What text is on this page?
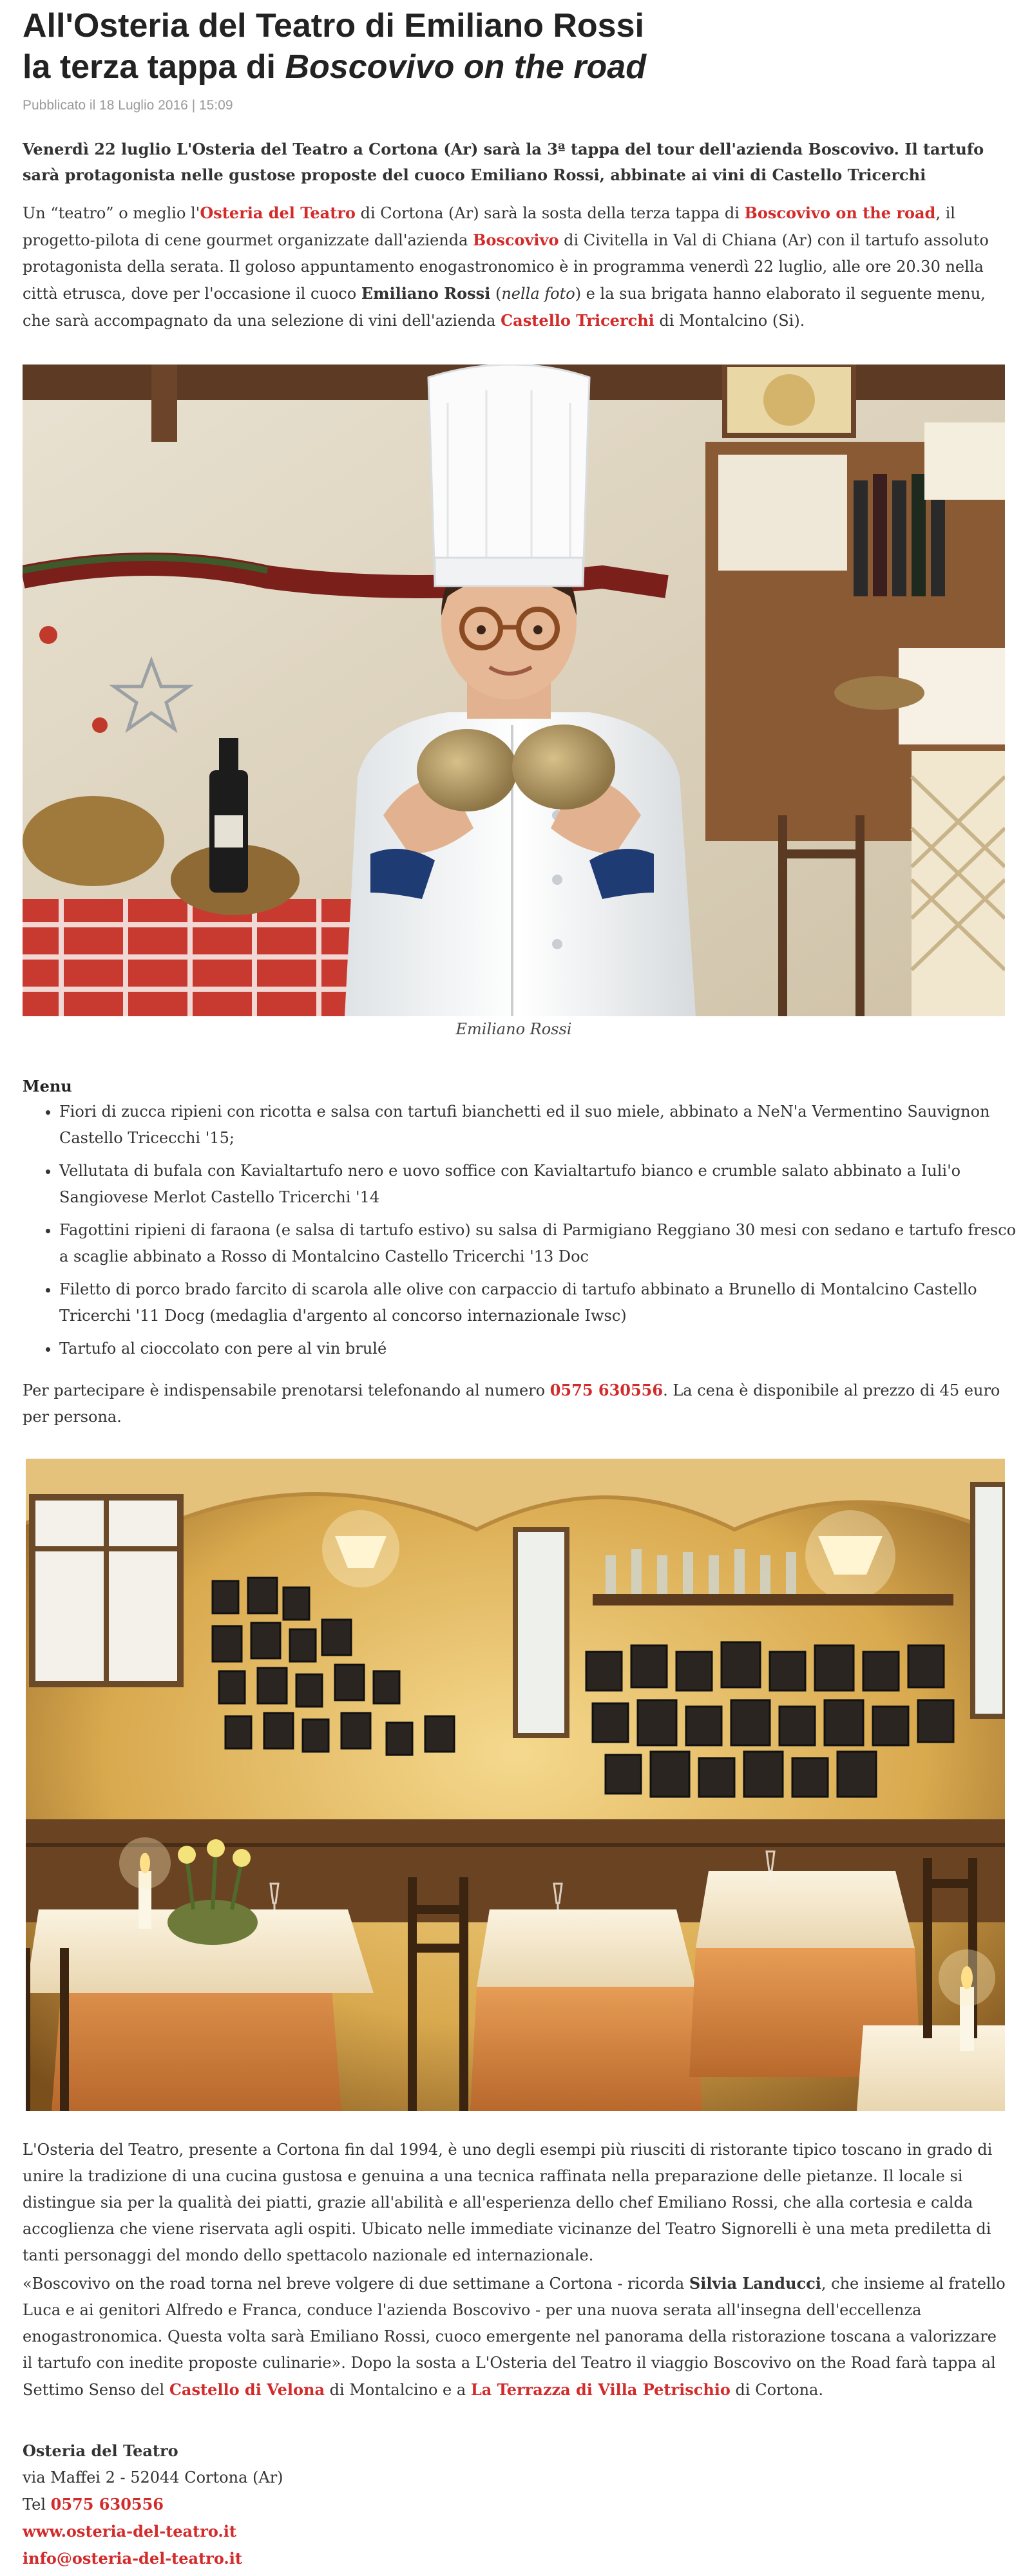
All'Osteria del Teatro di Emiliano Rossi
la terza tappa di Boscovivo on the road
Pubblicato il 18 Luglio 2016 | 15:09

Venerdì 22 luglio L'Osteria del Teatro a Cortona (Ar) sarà la 3ª tappa del tour dell'azienda Boscovivo. Il tartufo sarà protagonista nelle gustose proposte del cuoco Emiliano Rossi, abbinate ai vini di Castello Tricerchi

Un “teatro” o meglio l'Osteria del Teatro di Cortona (Ar) sarà la sosta della terza tappa di Boscovivo on the road, il progetto-pilota di cene gourmet organizzate dall'azienda Boscovivo di Civitella in Val di Chiana (Ar) con il tartufo assoluto protagonista della serata. Il goloso appuntamento enogastronomico è in programma venerdì 22 luglio, alle ore 20.30 nella città etrusca, dove per l'occasione il cuoco Emiliano Rossi (nella foto) e la sua brigata hanno elaborato il seguente menu, che sarà accompagnato da una selezione di vini dell'azienda Castello Tricerchi di Montalcino (Si).

Emiliano Rossi
Menu
• Fiori di zucca ripieni con ricotta e salsa con tartufi bianchetti ed il suo miele, abbinato a NeN'a Vermentino Sauvignon Castello Tricecchi '15;
• Vellutata di bufala con Kavialtartufo nero e uovo soffice con Kavialtartufo bianco e crumble salato abbinato a Iuli'o Sangiovese Merlot Castello Tricerchi '14
• Fagottini ripieni di faraona (e salsa di tartufo estivo) su salsa di Parmigiano Reggiano 30 mesi con sedano e tartufo fresco a scaglie abbinato a Rosso di Montalcino Castello Tricerchi '13 Doc
• Filetto di porco brado farcito di scarola alle olive con carpaccio di tartufo abbinato a Brunello di Montalcino Castello Tricerchi '11 Docg (medaglia d'argento al concorso internazionale Iwsc)
• Tartufo al cioccolato con pere al vin brulé

Per partecipare è indispensabile prenotarsi telefonando al numero 0575 630556. La cena è disponibile al prezzo di 45 euro per persona.

L'Osteria del Teatro, presente a Cortona fin dal 1994, è uno degli esempi più riusciti di ristorante tipico toscano in grado di unire la tradizione di una cucina gustosa e genuina a una tecnica raffinata nella preparazione delle pietanze. Il locale si distingue sia per la qualità dei piatti, grazie all'abilità e all'esperienza dello chef Emiliano Rossi, che alla cortesia e calda accoglienza che viene riservata agli ospiti. Ubicato nelle immediate vicinanze del Teatro Signorelli è una meta prediletta di tanti personaggi del mondo dello spettacolo nazionale ed internazionale.

«Boscovivo on the road torna nel breve volgere di due settimane a Cortona - ricorda Silvia Landucci, che insieme al fratello Luca e ai genitori Alfredo e Franca, conduce l'azienda Boscovivo - per una nuova serata all'insegna dell'eccellenza enogastronomica. Questa volta sarà Emiliano Rossi, cuoco emergente nel panorama della ristorazione toscana a valorizzare il tartufo con inedite proposte culinarie». Dopo la sosta a L'Osteria del Teatro il viaggio Boscovivo on the Road farà tappa al Settimo Senso del Castello di Velona di Montalcino e a La Terrazza di Villa Petrischio di Cortona.

Osteria del Teatro
via Maffei 2 - 52044 Cortona (Ar)
Tel 0575 630556
www.osteria-del-teatro.it
info@osteria-del-teatro.it
